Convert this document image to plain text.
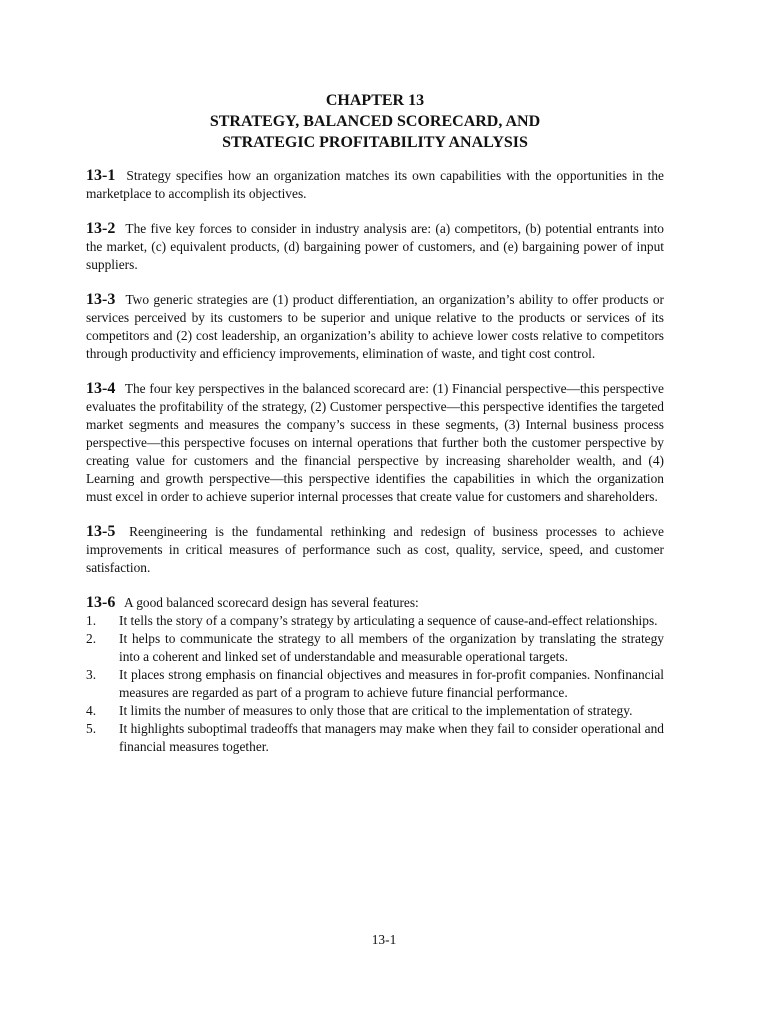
CHAPTER 13
STRATEGY, BALANCED SCORECARD, AND
STRATEGIC PROFITABILITY ANALYSIS

13-1 Strategy specifies how an organization matches its own capabilities with the opportunities in the marketplace to accomplish its objectives.

13-2 The five key forces to consider in industry analysis are: (a) competitors, (b) potential entrants into the market, (c) equivalent products, (d) bargaining power of customers, and (e) bargaining power of input suppliers.

13-3 Two generic strategies are (1) product differentiation, an organization’s ability to offer products or services perceived by its customers to be superior and unique relative to the products or services of its competitors and (2) cost leadership, an organization’s ability to achieve lower costs relative to competitors through productivity and efficiency improvements, elimination of waste, and tight cost control.

13-4 The four key perspectives in the balanced scorecard are: (1) Financial perspective—this perspective evaluates the profitability of the strategy, (2) Customer perspective—this perspective identifies the targeted market segments and measures the company’s success in these segments, (3) Internal business process perspective—this perspective focuses on internal operations that further both the customer perspective by creating value for customers and the financial perspective by increasing shareholder wealth, and (4) Learning and growth perspective—this perspective identifies the capabilities in which the organization must excel in order to achieve superior internal processes that create value for customers and shareholders.

13-5 Reengineering is the fundamental rethinking and redesign of business processes to achieve improvements in critical measures of performance such as cost, quality, service, speed, and customer satisfaction.

13-6 A good balanced scorecard design has several features:

1.	It tells the story of a company’s strategy by articulating a sequence of cause-and-effect relationships.
2.	It helps to communicate the strategy to all members of the organization by translating the strategy into a coherent and linked set of understandable and measurable operational targets.
3.	It places strong emphasis on financial objectives and measures in for-profit companies. Nonfinancial measures are regarded as part of a program to achieve future financial performance.
4.	It limits the number of measures to only those that are critical to the implementation of strategy.
5.	It highlights suboptimal tradeoffs that managers may make when they fail to consider operational and financial measures together.
13-1
